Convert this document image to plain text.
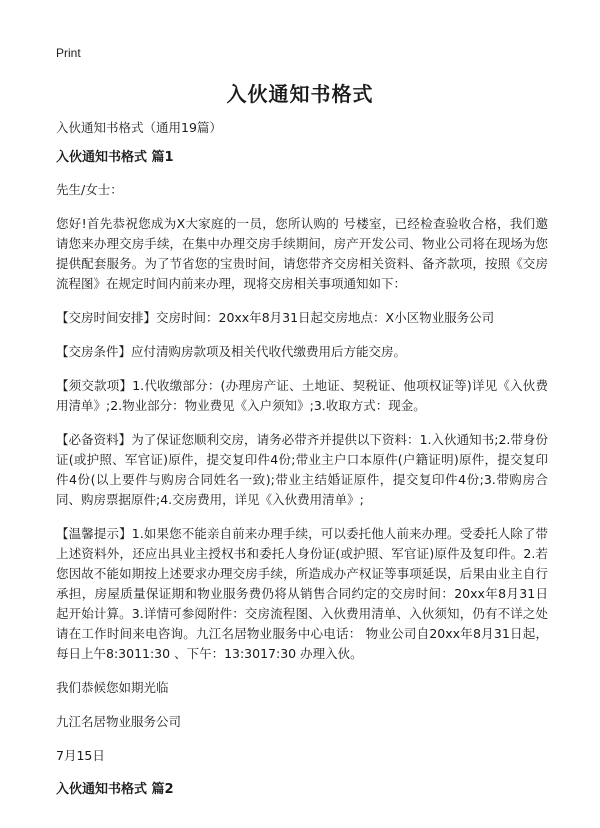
Print
入伙通知书格式

入伙通知书格式（通用19篇）

入伙通知书格式 篇1

先生/女士：

您好!首先恭祝您成为X大家庭的一员，您所认购的 号楼室，已经检查验收合格，我们邀请您来办理交房手续，在集中办理交房手续期间，房产开发公司、物业公司将在现场为您提供配套服务。为了节省您的宝贵时间，请您带齐交房相关资料、备齐款项，按照《交房流程图》在规定时间内前来办理，现将交房相关事项通知如下：

【交房时间安排】交房时间：20xx年8月31日起交房地点：X小区物业服务公司

【交房条件】应付清购房款项及相关代收代缴费用后方能交房。

【须交款项】1.代收缴部分：(办理房产证、土地证、契税证、他项权证等)详见《入伙费用清单》;2.物业部分：物业费见《入户须知》;3.收取方式：现金。

【必备资料】为了保证您顺利交房，请务必带齐并提供以下资料：1.入伙通知书;2.带身份证(或护照、军官证)原件，提交复印件4份;带业主户口本原件(户籍证明)原件，提交复印件4份(以上要件与购房合同姓名一致);带业主结婚证原件，提交复印件4份;3.带购房合同、购房票据原件;4.交房费用，详见《入伙费用清单》;

【温馨提示】1.如果您不能亲自前来办理手续，可以委托他人前来办理。受委托人除了带上述资料外，还应出具业主授权书和委托人身份证(或护照、军官证)原件及复印件。2.若您因故不能如期按上述要求办理交房手续，所造成办产权证等事项延误，后果由业主自行承担，房屋质量保证期和物业服务费仍将从销售合同约定的交房时间：20xx年8月31日起开始计算。3.详情可参阅附件：交房流程图、入伙费用清单、入伙须知，仍有不详之处请在工作时间来电咨询。九江名居物业服务中心电话： 物业公司自20xx年8月31日起，每日上午8:3011:30 、下午：13:3017:30 办理入伙。

我们恭候您如期光临

九江名居物业服务公司

7月15日

入伙通知书格式 篇2
